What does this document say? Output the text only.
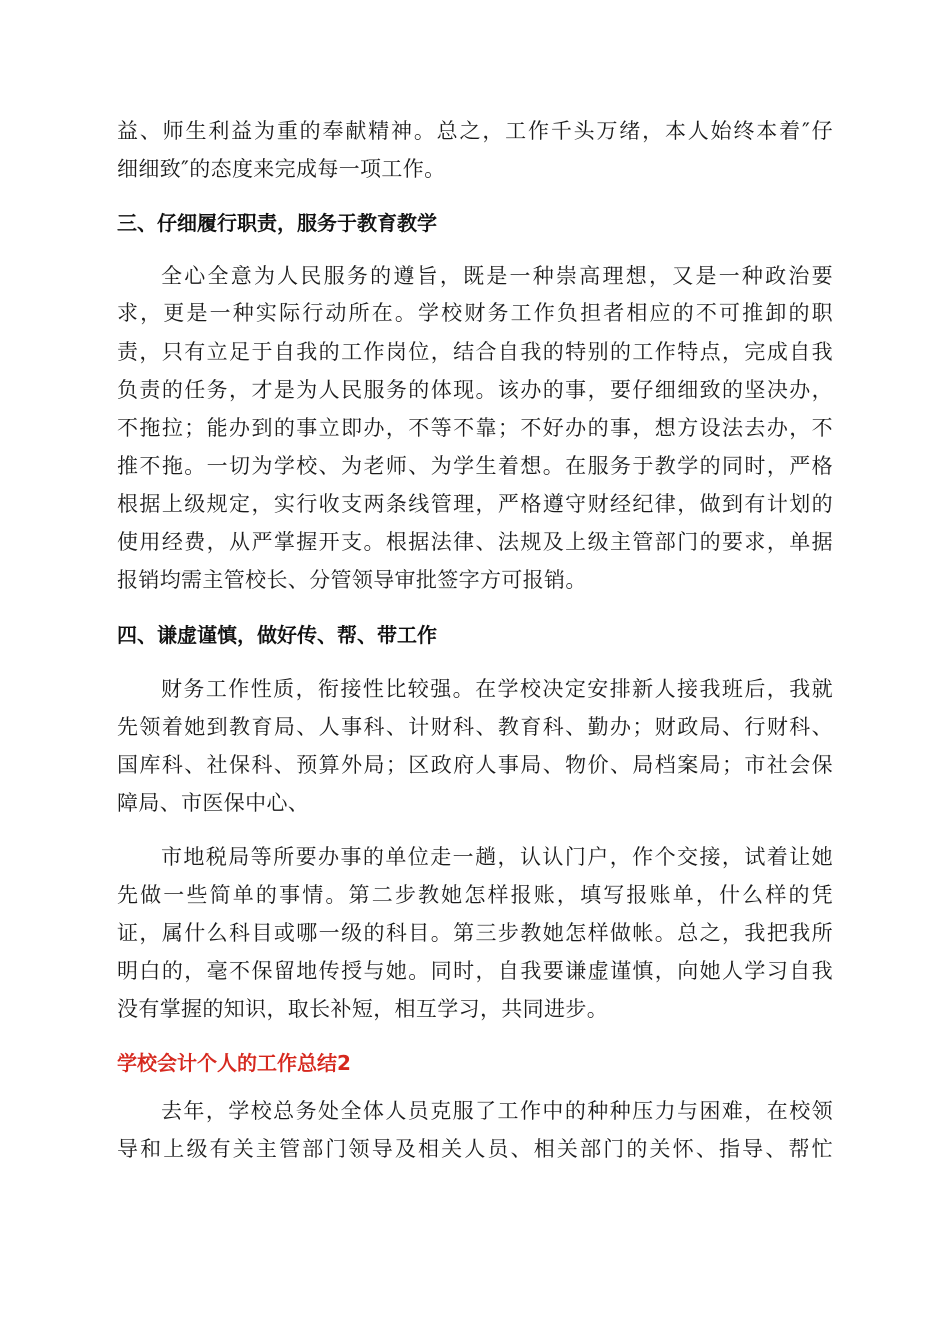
益、师生利益为重的奉献精神。总之，工作千头万绪，本人始终本着″仔
细细致″的态度来完成每一项工作。
三、仔细履行职责，服务于教育教学
全心全意为人民服务的遵旨，既是一种崇高理想，又是一种政治要
求，更是一种实际行动所在。学校财务工作负担者相应的不可推卸的职
责，只有立足于自我的工作岗位，结合自我的特别的工作特点，完成自我
负责的任务，才是为人民服务的体现。该办的事，要仔细细致的坚决办，
不拖拉；能办到的事立即办，不等不靠；不好办的事，想方设法去办，不
推不拖。一切为学校、为老师、为学生着想。在服务于教学的同时，严格
根据上级规定，实行收支两条线管理，严格遵守财经纪律，做到有计划的
使用经费，从严掌握开支。根据法律、法规及上级主管部门的要求，单据
报销均需主管校长、分管领导审批签字方可报销。
四、谦虚谨慎，做好传、帮、带工作
财务工作性质，衔接性比较强。在学校决定安排新人接我班后，我就
先领着她到教育局、人事科、计财科、教育科、勤办；财政局、行财科、
国库科、社保科、预算外局；区政府人事局、物价、局档案局；市社会保
障局、市医保中心、
市地税局等所要办事的单位走一趟，认认门户，作个交接，试着让她
先做一些简单的事情。第二步教她怎样报账，填写报账单，什么样的凭
证，属什么科目或哪一级的科目。第三步教她怎样做帐。总之，我把我所
明白的，毫不保留地传授与她。同时，自我要谦虚谨慎，向她人学习自我
没有掌握的知识，取长补短，相互学习，共同进步。
学校会计个人的工作总结2
去年，学校总务处全体人员克服了工作中的种种压力与困难，在校领
导和上级有关主管部门领导及相关人员、相关部门的关怀、指导、帮忙
